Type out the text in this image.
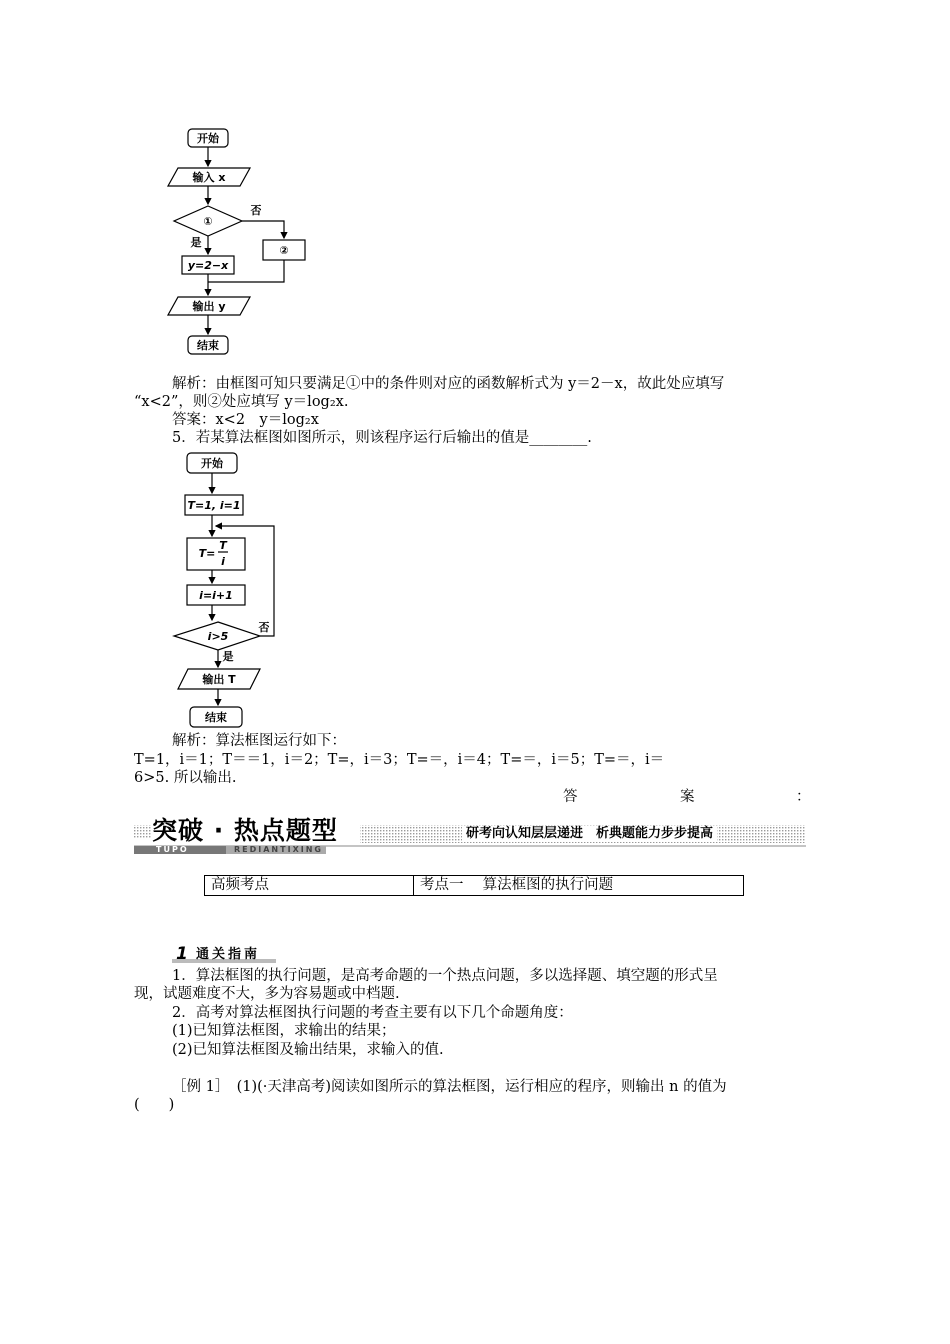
开始
输入 x
①
否
是
②
y=2−x
输出 y
结束
解析：由框图可知只要满足①中的条件则对应的函数解析式为 y＝2－x，故此处应填写
“x<2”，则②处应填写 y＝log₂x.
答案：x<2　y＝log₂x
5．若某算法框图如图所示，则该程序运行后输出的值是________.
开始
T=1, i=1
T=
T
i
i=i+1
i>5
否
是
输出 T
结束
解析：算法框图运行如下：
T=1，i＝1；T＝＝1，i＝2；T=，i＝3；T=＝，i＝4；T=＝，i＝5；T=＝，i＝
6>5. 所以输出.
答	案	：
突破 · 热点题型
TUPO	REDIANTIXING
研考向认知层层递进　析典题能力步步提高
高频考点	考点一　 算法框图的执行问题
1 通关指南
1．算法框图的执行问题，是高考命题的一个热点问题，多以选择题、填空题的形式呈
现，试题难度不大，多为容易题或中档题.
2．高考对算法框图执行问题的考查主要有以下几个命题角度：
(1)已知算法框图，求输出的结果；
(2)已知算法框图及输出结果，求输入的值.
［例 1］　(1)(·天津高考)阅读如图所示的算法框图，运行相应的程序，则输出 n 的值为
(　　)
